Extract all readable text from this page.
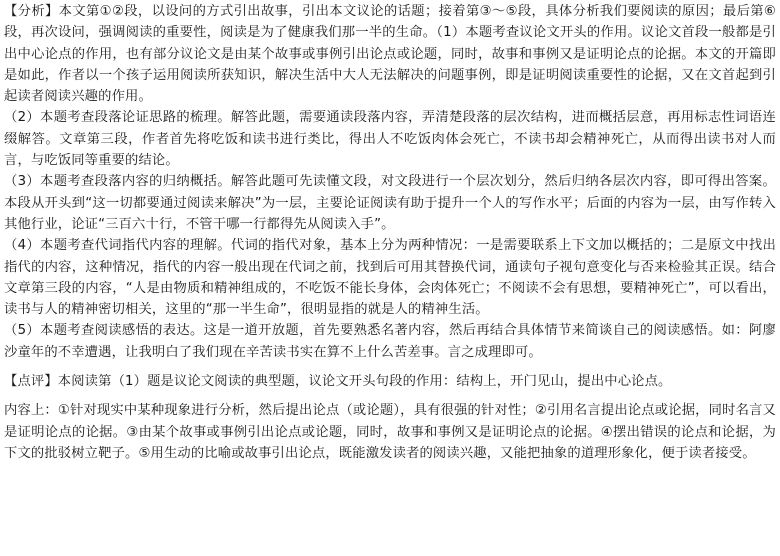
【分析】本文第①②段，以设问的方式引出故事，引出本文议论的话题；接着第③～⑤段，具体分析我们要阅读的原因；最后第⑥段，再次设问，强调阅读的重要性，阅读是为了健康我们那一半的生命。（1）本题考查议论文开头的作用。议论文首段一般都是引出中心论点的作用，也有部分议论文是由某个故事或事例引出论点或论题，同时，故事和事例又是证明论点的论据。本文的开篇即是如此，作者以一个孩子运用阅读所获知识，解决生活中大人无法解决的问题事例，即是证明阅读重要性的论据，又在文首起到引起读者阅读兴趣的作用。

（2）本题考查段落论证思路的梳理。解答此题，需要通读段落内容，弄清楚段落的层次结构，进而概括层意，再用标志性词语连缀解答。文章第三段，作者首先将吃饭和读书进行类比，得出人不吃饭肉体会死亡，不读书却会精神死亡，从而得出读书对人而言，与吃饭同等重要的结论。

（3）本题考查段落内容的归纳概括。解答此题可先读懂文段，对文段进行一个层次划分，然后归纳各层次内容，即可得出答案。本段从开头到“这一切都要通过阅读来解决”为一层，主要论证阅读有助于提升一个人的写作水平；后面的内容为一层，由写作转入其他行业，论证“三百六十行，不管干哪一行都得先从阅读入手”。

（4）本题考查代词指代内容的理解。代词的指代对象，基本上分为两种情况：一是需要联系上下文加以概括的；二是原文中找出指代的内容，这种情况，指代的内容一般出现在代词之前，找到后可用其替换代词，通读句子视句意变化与否来检验其正误。结合文章第三段的内容，“人是由物质和精神组成的，不吃饭不能长身体，会肉体死亡；不阅读不会有思想，要精神死亡”，可以看出，读书与人的精神密切相关，这里的“那一半生命”，很明显指的就是人的精神生活。

（5）本题考查阅读感悟的表达。这是一道开放题，首先要熟悉名著内容，然后再结合具体情节来简谈自己的阅读感悟。如：阿廖沙童年的不幸遭遇，让我明白了我们现在辛苦读书实在算不上什么苦差事。言之成理即可。

【点评】本阅读第（1）题是议论文阅读的典型题，议论文开头句段的作用：结构上，开门见山，提出中心论点。

内容上：①针对现实中某种现象进行分析，然后提出论点（或论题），具有很强的针对性；②引用名言提出论点或论据，同时名言又是证明论点的论据。③由某个故事或事例引出论点或论题，同时，故事和事例又是证明论点的论据。④摆出错误的论点和论据，为下文的批驳树立靶子。⑤用生动的比喻或故事引出论点，既能激发读者的阅读兴趣，又能把抽象的道理形象化，便于读者接受。
